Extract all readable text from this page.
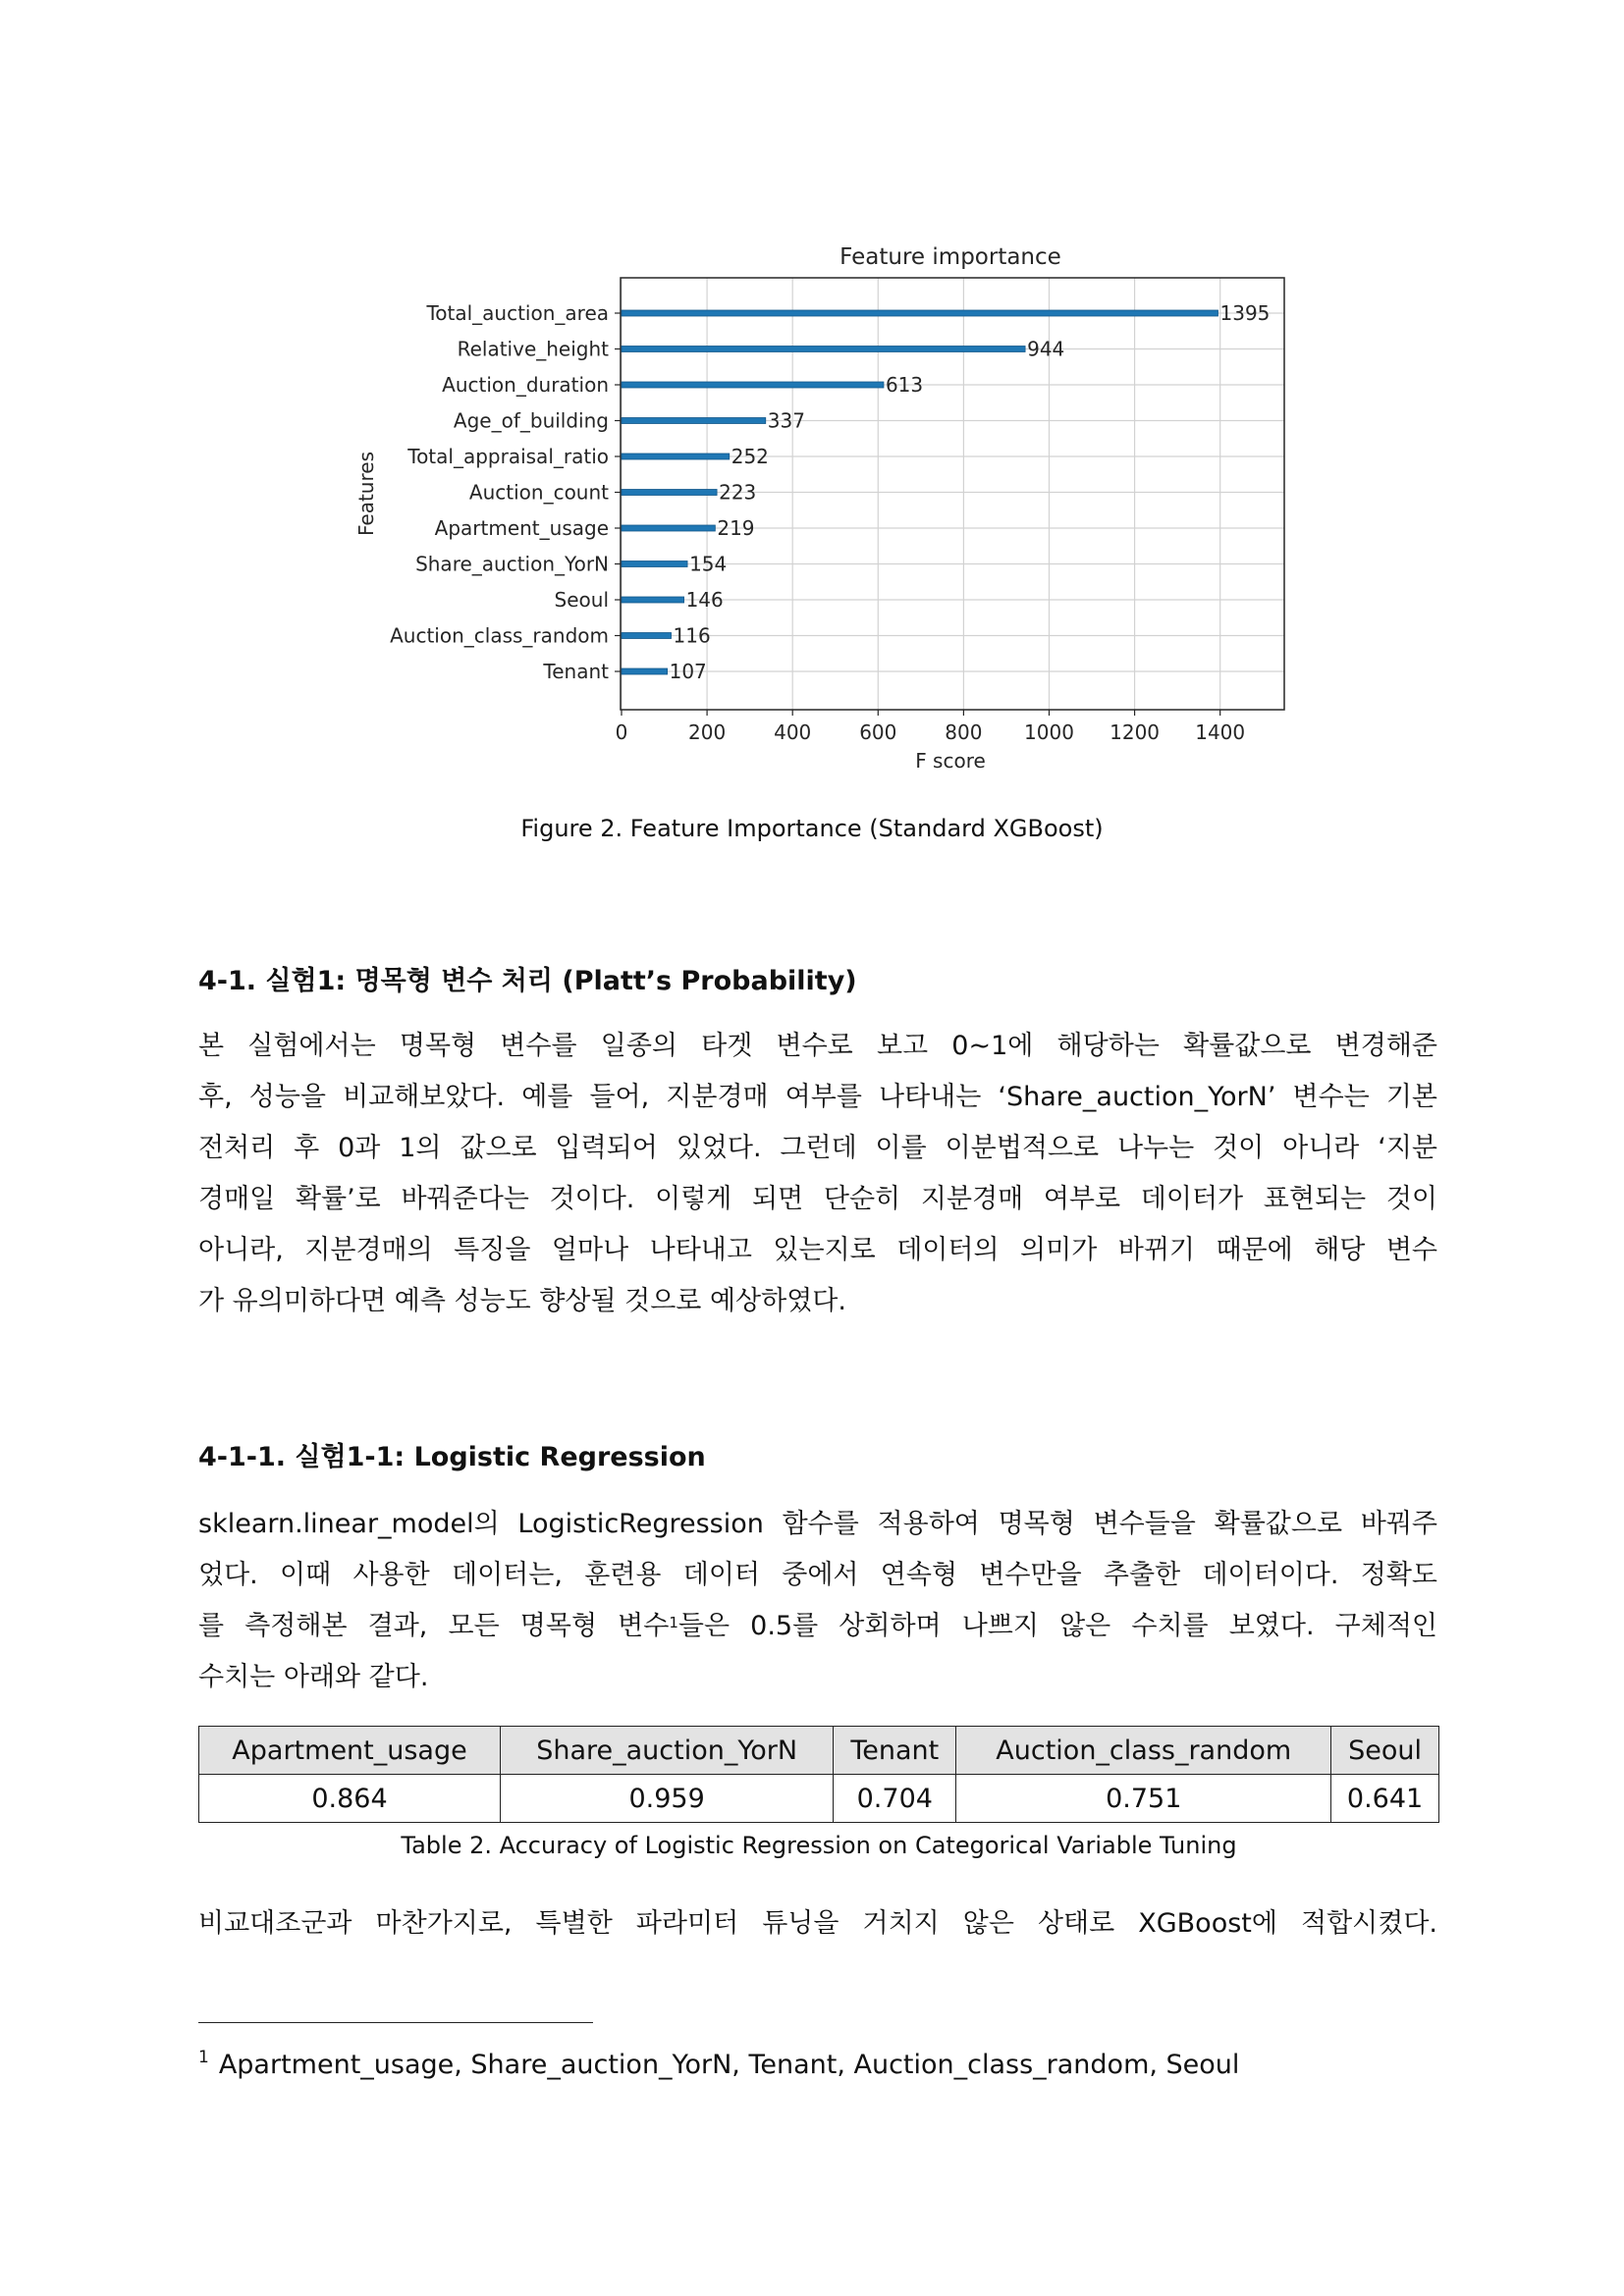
Feature importance
1395
944
613
337
252
223
219
154
146
116
107
0	200 400 600 800 1000 1200 1400
Total_auction_area
Relative_height
Auction_duration
Age_of_building
Total_appraisal_ratio
Auction_count
Apartment_usage
Share_auction_YorN
Seoul
Auction_class_random
Tenant
F score
Features
Figure 2. Feature Importance (Standard XGBoost)
4-1. 실험1: 명목형 변수 처리 (Platt’s Probability)
본 실험에서는 명목형 변수를 일종의 타겟 변수로 보고 0~1에 해당하는 확률값으로 변경해준
후, 성능을 비교해보았다. 예를 들어, 지분경매 여부를 나타내는 ‘Share_auction_YorN’ 변수는 기본
전처리 후 0과 1의 값으로 입력되어 있었다. 그런데 이를 이분법적으로 나누는 것이 아니라 ‘지분
경매일 확률’로 바꿔준다는 것이다. 이렇게 되면 단순히 지분경매 여부로 데이터가 표현되는 것이
아니라, 지분경매의 특징을 얼마나 나타내고 있는지로 데이터의 의미가 바뀌기 때문에 해당 변수
가 유의미하다면 예측 성능도 향상될 것으로 예상하였다.
4-1-1. 실험1-1: Logistic Regression
sklearn.linear_model의 LogisticRegression 함수를 적용하여 명목형 변수들을 확률값으로 바꿔주
었다. 이때 사용한 데이터는, 훈련용 데이터 중에서 연속형 변수만을 추출한 데이터이다. 정확도
를 측정해본 결과, 모든 명목형 변수$^1$들은 0.5를 상회하며 나쁘지 않은 수치를 보였다. 구체적인
수치는 아래와 같다.
Apartment_usage	Share_auction_YorN	Tenant	Auction_class_random	Seoul
0.864	0.959	0.704	0.751	0.641
Table 2. Accuracy of Logistic Regression on Categorical Variable Tuning
비교대조군과 마찬가지로, 특별한 파라미터 튜닝을 거치지 않은 상태로 XGBoost에 적합시켰다.
$^1$ Apartment_usage, Share_auction_YorN, Tenant, Auction_class_random, Seoul
